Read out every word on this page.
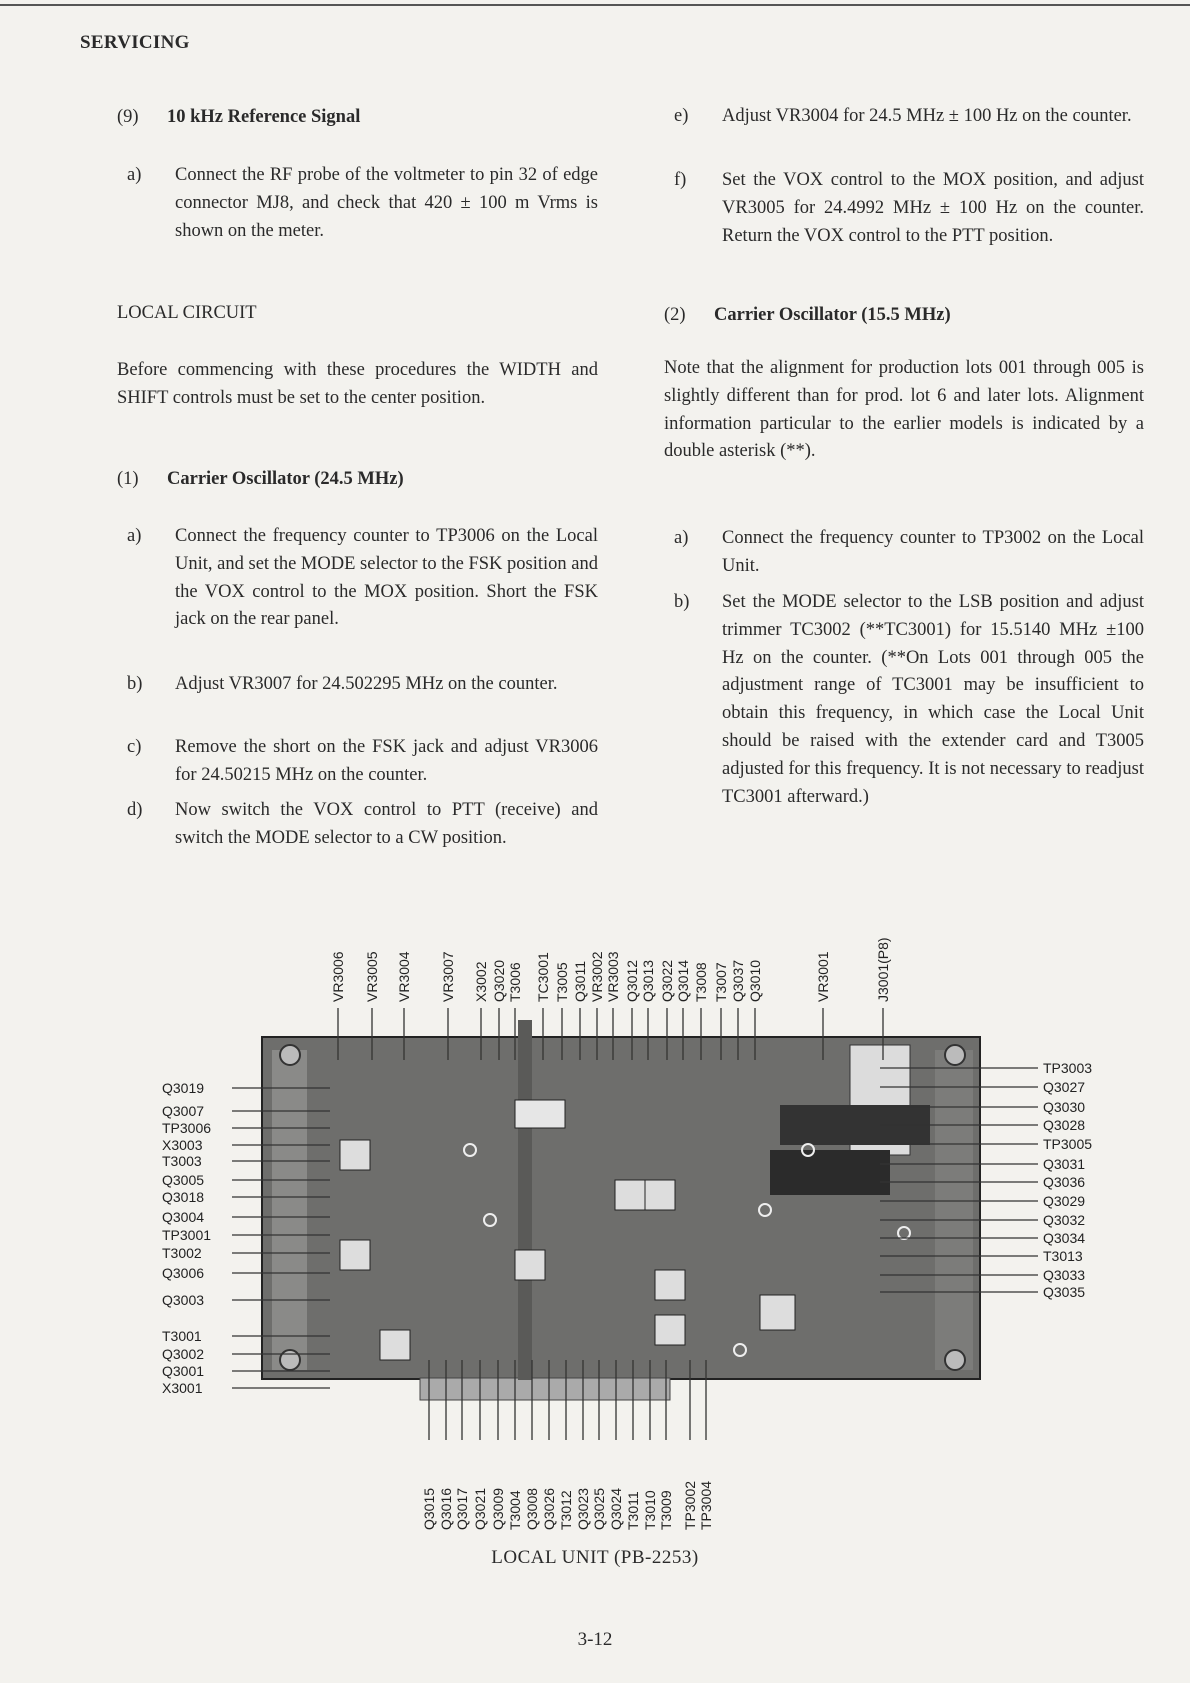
SERVICING
(9) 10 kHz Reference Signal
a) Connect the RF probe of the voltmeter to pin 32 of edge connector MJ8, and check that 420 ± 100 m Vrms is shown on the meter.
LOCAL CIRCUIT
Before commencing with these procedures the WIDTH and SHIFT controls must be set to the center position.
(1) Carrier Oscillator (24.5 MHz)
a) Connect the frequency counter to TP3006 on the Local Unit, and set the MODE selector to the FSK position and the VOX control to the MOX position. Short the FSK jack on the rear panel.
b) Adjust VR3007 for 24.502295 MHz on the counter.
c) Remove the short on the FSK jack and adjust VR3006 for 24.50215 MHz on the counter.
d) Now switch the VOX control to PTT (receive) and switch the MODE selector to a CW position.
e) Adjust VR3004 for 24.5 MHz ± 100 Hz on the counter.
f) Set the VOX control to the MOX position, and adjust VR3005 for 24.4992 MHz ± 100 Hz on the counter. Return the VOX control to the PTT position.
(2) Carrier Oscillator (15.5 MHz)
Note that the alignment for production lots 001 through 005 is slightly different than for prod. lot 6 and later lots. Alignment information particular to the earlier models is indicated by a double asterisk (**).
a) Connect the frequency counter to TP3002 on the Local Unit.
b) Set the MODE selector to the LSB position and adjust trimmer TC3002 (**TC3001) for 15.5140 MHz ±100 Hz on the counter. (**On Lots 001 through 005 the adjustment range of TC3001 may be insufficient to obtain this frequency, in which case the Local Unit should be raised with the extender card and T3005 adjusted for this frequency. It is not necessary to readjust TC3001 afterward.)
VR3006 VR3005 VR3004 VR3007 X3002 Q3020 T3006 TC3001 T3005 Q3011 VR3002 VR3003 Q3012 Q3013 Q3022 Q3014 T3008 T3007 Q3037 Q3010	VR3001	J3001(P8)
Q3019
Q3007
TP3006
X3003
T3003
Q3005
Q3018
Q3004
TP3001
T3002
Q3006
Q3003
T3001
Q3002
Q3001
X3001
TP3003
Q3027
Q3030
Q3028
TP3005
Q3031
Q3036
Q3029
Q3032
Q3034
T3013
Q3033
Q3035
Q3015 Q3016 Q3017 Q3021 Q3009 T3004 Q3008 Q3026 T3012 Q3023 Q3025 Q3024 T3011 T3010 T3009 TP3002 TP3004
LOCAL UNIT (PB-2253)
3-12
